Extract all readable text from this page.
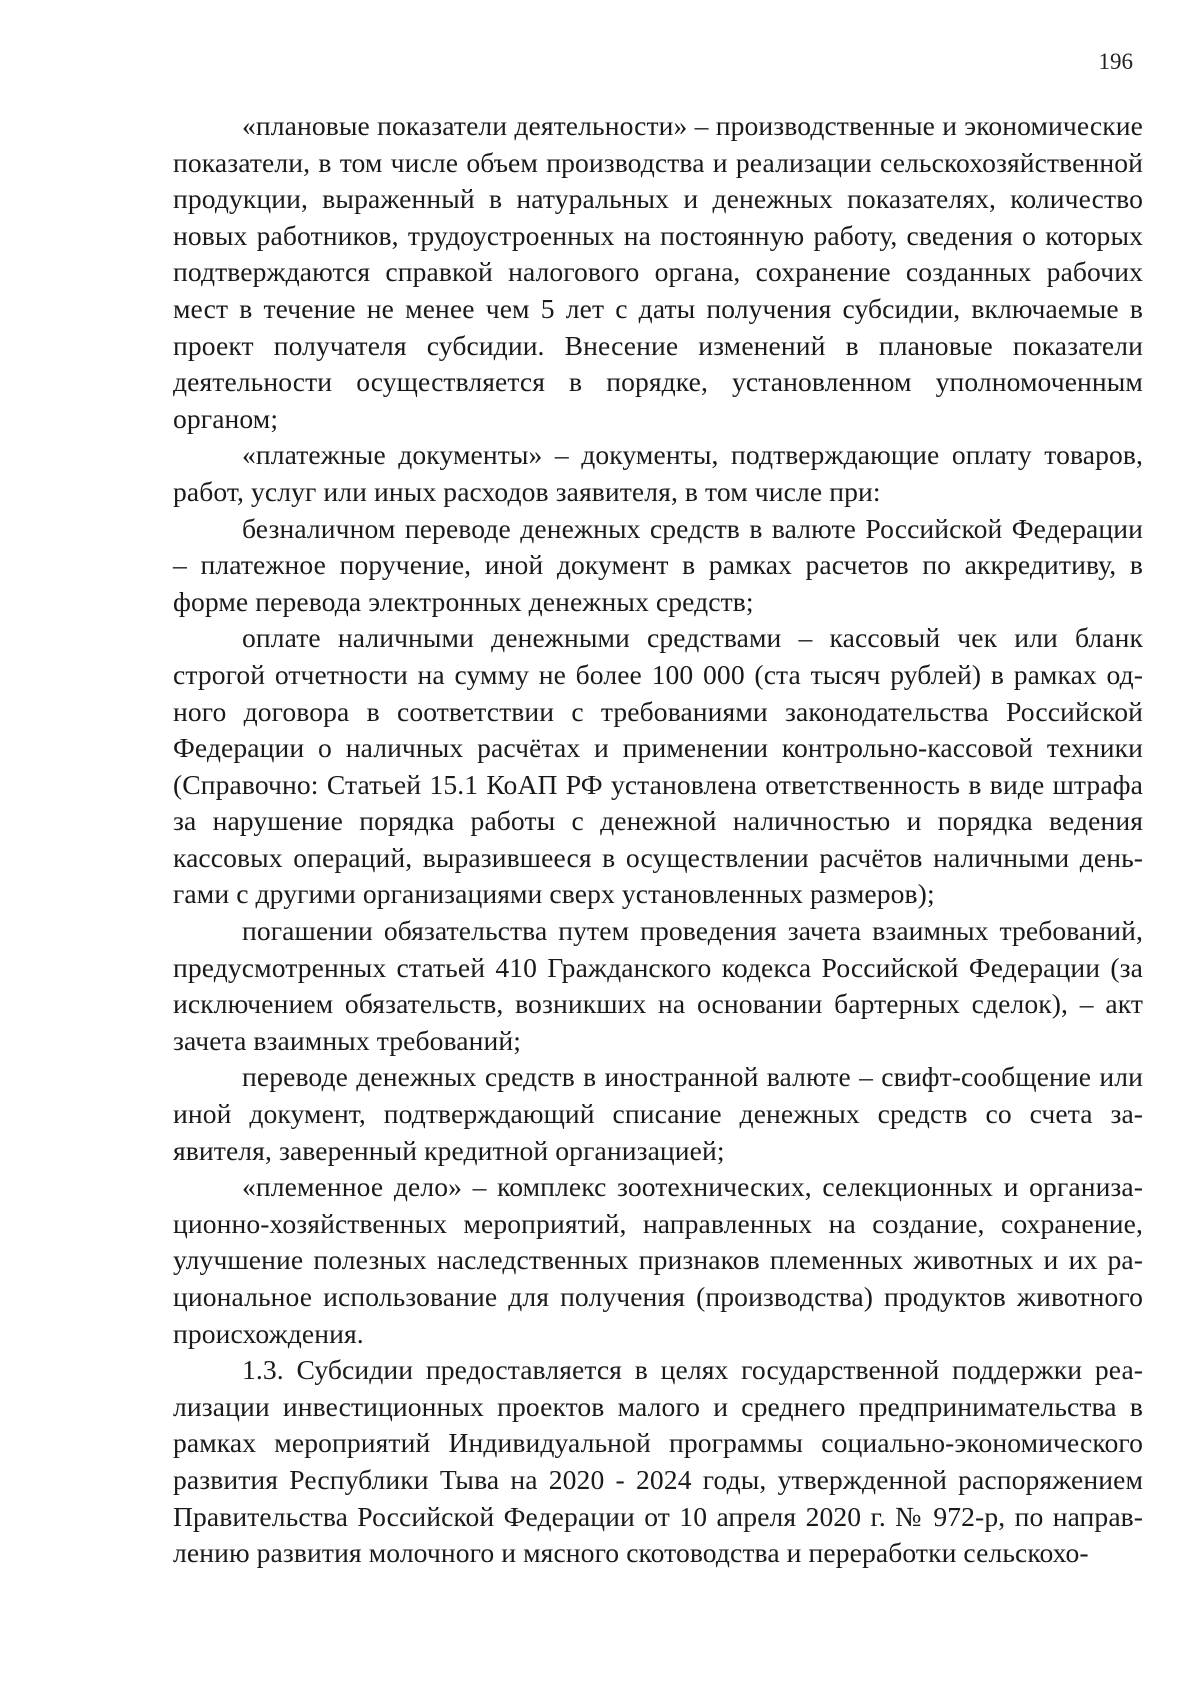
196

«плановые показатели деятельности» – производственные и экономические показатели, в том числе объем производства и реализации сельскохозяйственной продукции, выраженный в натуральных и денежных показателях, количество новых работников, трудоустроенных на постоянную работу, сведения о которых подтверждаются справкой налогового органа, сохранение созданных рабочих мест в течение не менее чем 5 лет с даты получения субсидии, включаемые в проект получателя субсидии. Внесение изменений в плановые показатели деятельности осуществляется в порядке, установленном уполномоченным органом;

«платежные документы» – документы, подтверждающие оплату товаров, работ, услуг или иных расходов заявителя, в том числе при:

безналичном переводе денежных средств в валюте Российской Федерации – платежное поручение, иной документ в рамках расчетов по аккредитиву, в форме перевода электронных денежных средств;

оплате наличными денежными средствами – кассовый чек или бланк строгой отчетности на сумму не более 100 000 (ста тысяч рублей) в рамках одного договора в соответствии с требованиями законодательства Российской Федерации о наличных расчётах и применении контрольно-кассовой техники (Справочно: Статьей 15.1 КоАП РФ установлена ответственность в виде штрафа за нарушение порядка работы с денежной наличностью и порядка ведения кассовых операций, выразившееся в осуществлении расчётов наличными деньгами с другими организациями сверх установленных размеров);

погашении обязательства путем проведения зачета взаимных требований, предусмотренных статьей 410 Гражданского кодекса Российской Федерации (за исключением обязательств, возникших на основании бартерных сделок), – акт зачета взаимных требований;

переводе денежных средств в иностранной валюте – свифт-сообщение или иной документ, подтверждающий списание денежных средств со счета заявителя, заверенный кредитной организацией;

«племенное дело» – комплекс зоотехнических, селекционных и организационно-хозяйственных мероприятий, направленных на создание, сохранение, улучшение полезных наследственных признаков племенных животных и их рациональное использование для получения (производства) продуктов животного происхождения.

1.3. Субсидии предоставляется в целях государственной поддержки реализации инвестиционных проектов малого и среднего предпринимательства в рамках мероприятий Индивидуальной программы социально-экономического развития Республики Тыва на 2020 - 2024 годы, утвержденной распоряжением Правительства Российской Федерации от 10 апреля 2020 г. № 972-р, по направлению развития молочного и мясного скотоводства и переработки сельскохо-
